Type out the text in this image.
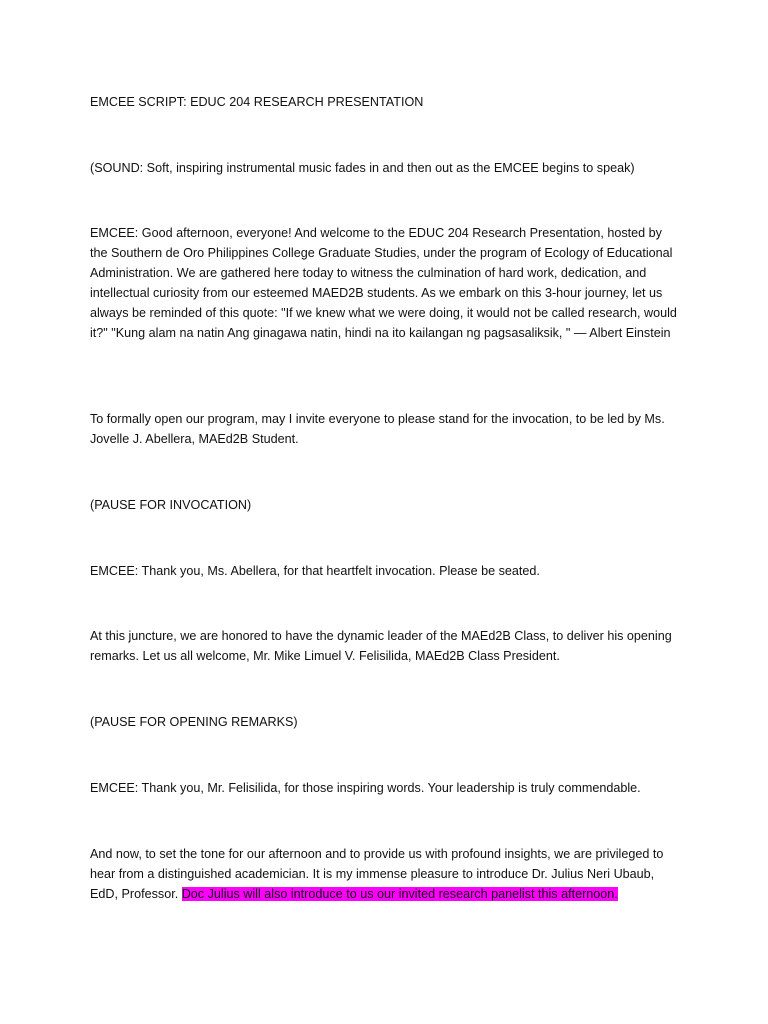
EMCEE SCRIPT: EDUC 204 RESEARCH PRESENTATION
(SOUND: Soft, inspiring instrumental music fades in and then out as the EMCEE begins to speak)
EMCEE: Good afternoon, everyone! And welcome to the EDUC 204 Research Presentation, hosted by the Southern de Oro Philippines College Graduate Studies, under the program of Ecology of Educational Administration. We are gathered here today to witness the culmination of hard work, dedication, and intellectual curiosity from our esteemed MAED2B students. As we embark on this 3-hour journey, let us always be reminded of this quote: "If we knew what we were doing, it would not be called research, would it?" "Kung alam na natin Ang ginagawa natin, hindi na ito kailangan ng pagsasaliksik, " — Albert Einstein
To formally open our program, may I invite everyone to please stand for the invocation, to be led by Ms. Jovelle J. Abellera, MAEd2B Student.
(PAUSE FOR INVOCATION)
EMCEE: Thank you, Ms. Abellera, for that heartfelt invocation. Please be seated.
At this juncture, we are honored to have the dynamic leader of the MAEd2B Class, to deliver his opening remarks. Let us all welcome, Mr. Mike Limuel V. Felisilida, MAEd2B Class President.
(PAUSE FOR OPENING REMARKS)
EMCEE: Thank you, Mr. Felisilida, for those inspiring words. Your leadership is truly commendable.
And now, to set the tone for our afternoon and to provide us with profound insights, we are privileged to hear from a distinguished academician. It is my immense pleasure to introduce Dr. Julius Neri Ubaub, EdD, Professor. Doc Julius will also introduce to us our invited research panelist this afternoon.
